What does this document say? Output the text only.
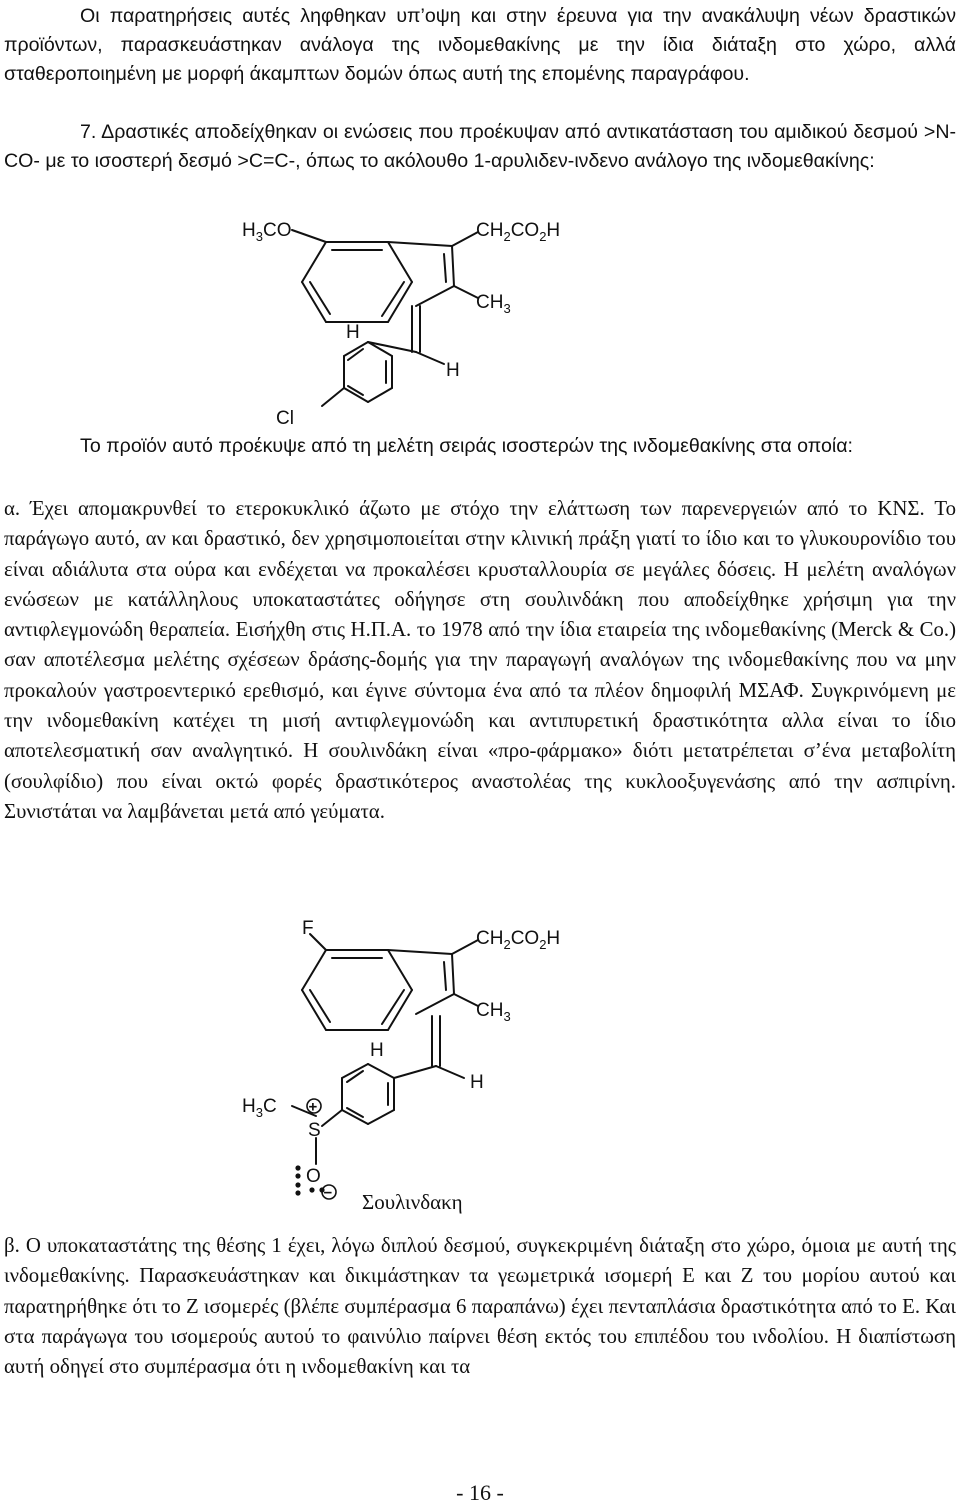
Οι παρατηρήσεις αυτές ληφθηκαν υπ’οψη και στην έρευνα για την ανακάλυψη νέων δραστικών προϊόντων, παρασκευάστηκαν ανάλογα της ινδομεθακίνης με την ίδια διάταξη στο χώρο, αλλά σταθεροποιημένη με μορφή άκαμπτων δομών όπως αυτή της επομένης παραγράφου.

7. Δραστικές αποδείχθηκαν οι ενώσεις που προέκυψαν από αντικατάσταση του αμιδικού δεσμού >N-CO- με το ισοστερή δεσμό >C=C-, όπως το ακόλουθο 1-αρυλιδεν-ινδενο ανάλογο της ινδομεθακίνης:

$H_3CO$	$CH_2CO_2H$
$CH_3$
H
H
Cl

Το προϊόν αυτό προέκυψε από τη μελέτη σειράς ισοστερών της ινδομεθακίνης στα οποία:

α. Έχει απομακρυνθεί το ετεροκυκλικό άζωτο με στόχο την ελάττωση των παρενεργειών από το ΚΝΣ. Το παράγωγο αυτό, αν και δραστικό, δεν χρησιμοποιείται στην κλινική πράξη γιατί το ίδιο και το γλυκουρονίδιο του είναι αδιάλυτα στα ούρα και ενδέχεται να προκαλέσει κρυσταλλουρία σε μεγάλες δόσεις. Η μελέτη αναλόγων ενώσεων με κατάλληλους υποκαταστάτες οδήγησε στη σουλινδάκη που αποδείχθηκε χρήσιμη για την αντιφλεγμονώδη θεραπεία. Εισήχθη στις Η.Π.Α. το 1978 από την ίδια εταιρεία της ινδομεθακίνης (Merck & Co.) σαν αποτέλεσμα μελέτης σχέσεων δράσης-δομής για την παραγωγή αναλόγων της ινδομεθακίνης που να μην προκαλούν γαστροεντερικό ερεθισμό, και έγινε σύντομα ένα από τα πλέον δημοφιλή ΜΣΑΦ. Συγκρινόμενη με την ινδομεθακίνη κατέχει τη μισή αντιφλεγμονώδη και αντιπυρετική δραστικότητα αλλα είναι το ίδιο αποτελεσματική σαν αναλγητικό. Η σουλινδάκη είναι «προ-φάρμακο» διότι μετατρέπεται σ’ένα μεταβολίτη (σουλφίδιο) που είναι οκτώ φορές δραστικότερος αναστολέας της κυκλοοξυγενάσης από την ασπιρίνη. Συνιστάται να λαμβάνεται μετά από γεύματα.

F	$CH_2CO_2H$
$CH_3$
H
H
$H_3C$ +
S
O
− Σουλινδακη

β. Ο υποκαταστάτης της θέσης 1 έχει, λόγω διπλού δεσμού, συγκεκριμένη διάταξη στο χώρο, όμοια με αυτή της ινδομεθακίνης. Παρασκευάστηκαν και δικιμάστηκαν τα γεωμετρικά ισομερή Ε και Ζ του μορίου αυτού και παρατηρήθηκε ότι το Ζ ισομερές (βλέπε συμπέρασμα 6 παραπάνω) έχει πενταπλάσια δραστικότητα από το Ε. Και στα παράγωγα του ισομερούς αυτού το φαινύλιο παίρνει θέση εκτός του επιπέδου του ινδολίου. Η διαπίστωση αυτή οδηγεί στο συμπέρασμα ότι η ινδομεθακίνη και τα

- 16 -
